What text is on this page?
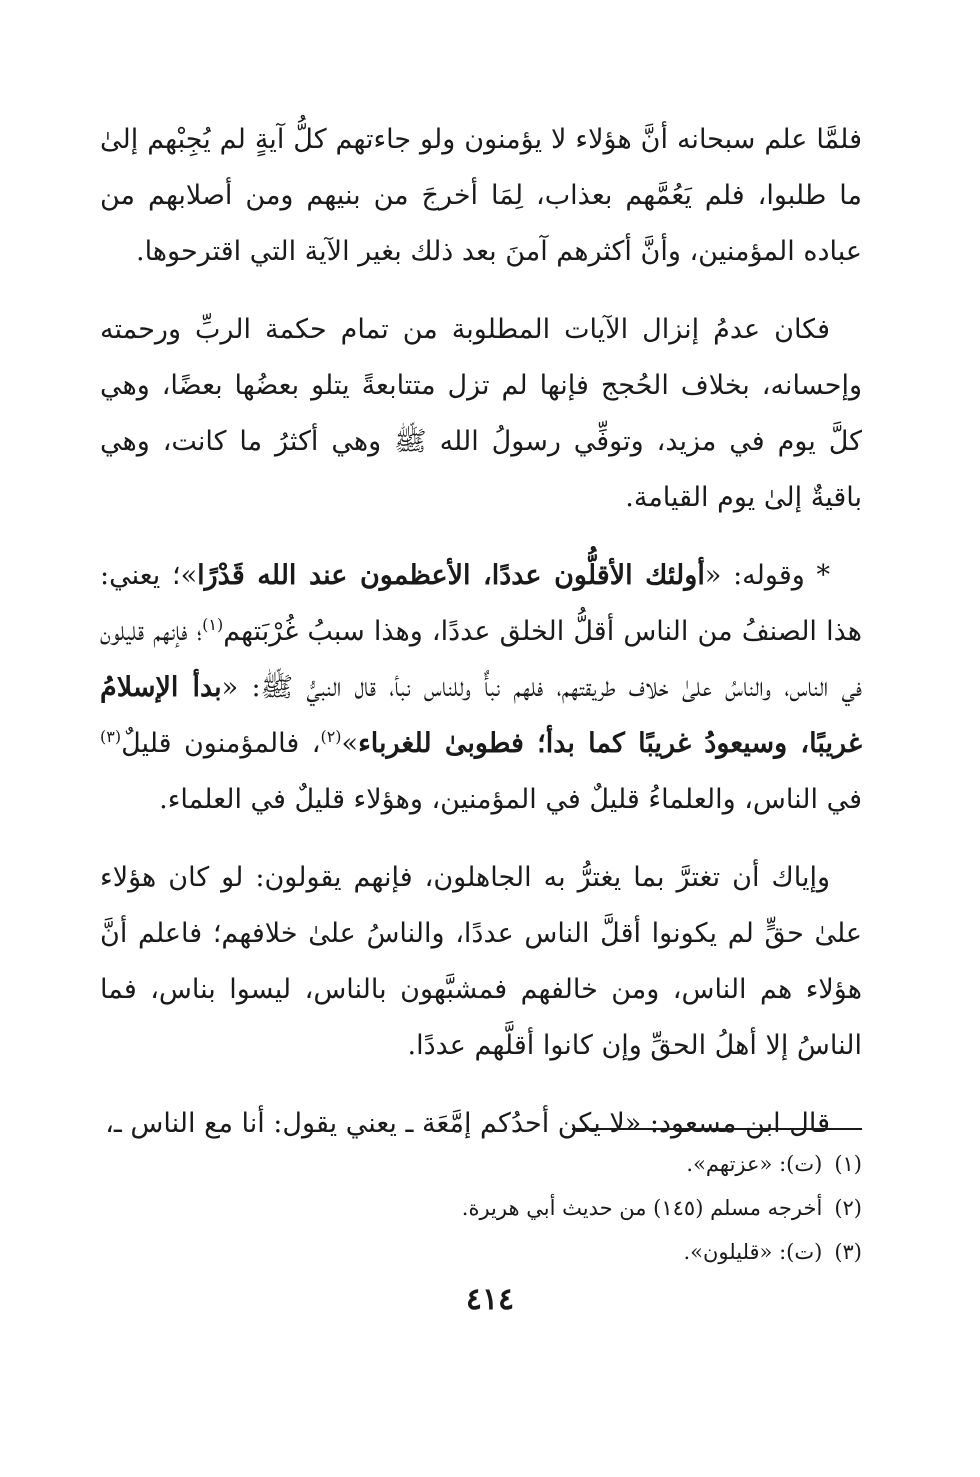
فلمَّا علم سبحانه أنَّ هؤلاء لا يؤمنون ولو جاءتهم كلُّ آيةٍ لم يُجِبْهم إلىٰ ما طلبوا، فلم يَعُمَّهم بعذاب، لِمَا أخرجَ من بنيهم ومن أصلابهم من عباده المؤمنين، وأنَّ أكثرهم آمنَ بعد ذلك بغير الآية التي اقترحوها.

فكان عدمُ إنزال الآيات المطلوبة من تمام حكمة الربِّ ورحمته وإحسانه، بخلاف الحُجج فإنها لم تزل متتابعةً يتلو بعضُها بعضًا، وهي كلَّ يوم في مزيد، وتوفِّي رسولُ الله ﷺ وهي أكثرُ ما كانت، وهي باقيةٌ إلىٰ يوم القيامة.

* وقوله: «أولئك الأقلُّون عددًا، الأعظمون عند الله قَدْرًا»؛ يعني: هذا الصنفُ من الناس أقلُّ الخلق عددًا، وهذا سببُ غُرْبَتهم$^{(١)}$؛ فإنهم قليلون في الناس، والناسُ علىٰ خلاف طريقتهم، فلهم نبأٌ وللناس نبأ، قال النبيُّ ﷺ: «بدأ الإسلامُ غريبًا، وسيعودُ غريبًا كما بدأ؛ فطوبىٰ للغرباء»$^{(٢)}$، فالمؤمنون قليلٌ$^{(٣)}$ في الناس، والعلماءُ قليلٌ في المؤمنين، وهؤلاء قليلٌ في العلماء.

وإياك أن تغترَّ بما يغترُّ به الجاهلون، فإنهم يقولون: لو كان هؤلاء علىٰ حقٍّ لم يكونوا أقلَّ الناس عددًا، والناسُ علىٰ خلافهم؛ فاعلم أنَّ هؤلاء هم الناس، ومن خالفهم فمشبَّهون بالناس، ليسوا بناس، فما الناسُ إلا أهلُ الحقِّ وإن كانوا أقلَّهم عددًا.

قال ابن مسعود: «لا يكن أحدُكم إمَّعَة ـ يعني يقول: أنا مع الناس ـ،

(١)(ت): «عزتهم».

(٢)أخرجه مسلم (١٤٥) من حديث أبي هريرة.

(٣)(ت): «قليلون».

٤١٤
